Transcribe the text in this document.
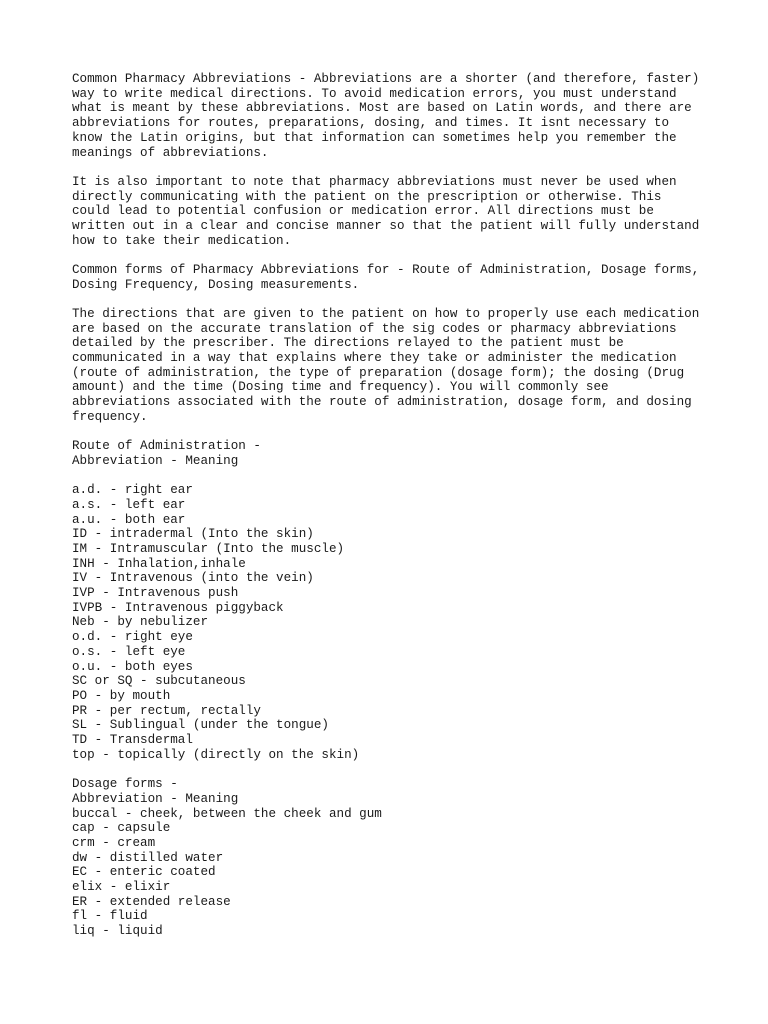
Common Pharmacy Abbreviations - Abbreviations are a shorter (and therefore, faster)
way to write medical directions. To avoid medication errors, you must understand
what is meant by these abbreviations. Most are based on Latin words, and there are
abbreviations for routes, preparations, dosing, and times. It isnt necessary to
know the Latin origins, but that information can sometimes help you remember the
meanings of abbreviations.

It is also important to note that pharmacy abbreviations must never be used when
directly communicating with the patient on the prescription or otherwise. This
could lead to potential confusion or medication error. All directions must be
written out in a clear and concise manner so that the patient will fully understand
how to take their medication.

Common forms of Pharmacy Abbreviations for - Route of Administration, Dosage forms,
Dosing Frequency, Dosing measurements.

The directions that are given to the patient on how to properly use each medication
are based on the accurate translation of the sig codes or pharmacy abbreviations
detailed by the prescriber. The directions relayed to the patient must be
communicated in a way that explains where they take or administer the medication
(route of administration, the type of preparation (dosage form); the dosing (Drug
amount) and the time (Dosing time and frequency). You will commonly see
abbreviations associated with the route of administration, dosage form, and dosing
frequency.

Route of Administration -
Abbreviation - Meaning
a.d. - right ear
a.s. - left ear
a.u. - both ear
ID - intradermal (Into the skin)
IM - Intramuscular (Into the muscle)
INH - Inhalation,inhale
IV - Intravenous (into the vein)
IVP - Intravenous push
IVPB - Intravenous piggyback
Neb - by nebulizer
o.d. - right eye
o.s. - left eye
o.u. - both eyes
SC or SQ - subcutaneous
PO - by mouth
PR - per rectum, rectally
SL - Sublingual (under the tongue)
TD - Transdermal
top - topically (directly on the skin)
Dosage forms -
Abbreviation - Meaning
buccal - cheek, between the cheek and gum
cap - capsule
crm - cream
dw - distilled water
EC - enteric coated
elix - elixir
ER - extended release
fl - fluid
liq - liquid
